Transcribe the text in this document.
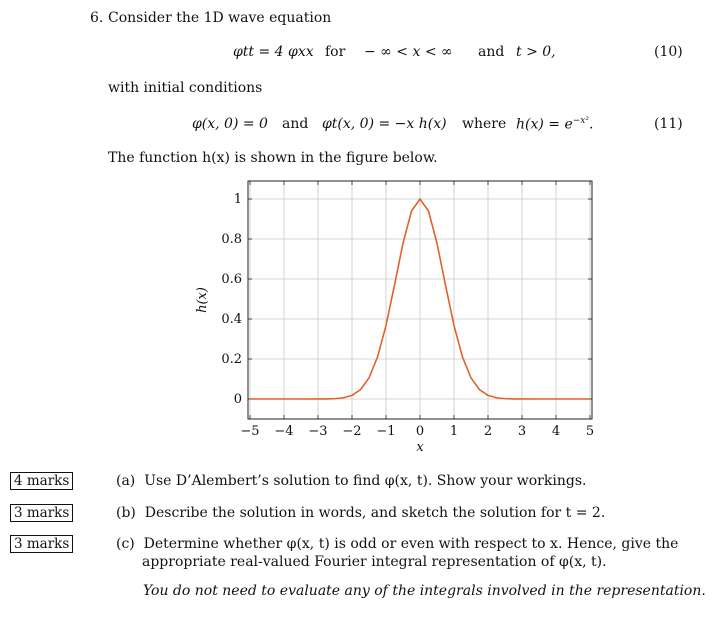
6. Consider the 1D wave equation
φtt = 4 φxx for − ∞ < x < ∞ and t > 0,	(10)
with initial conditions
φ(x, 0) = 0 and φt(x, 0) = −x h(x) where $h(x) = e^{-x^2}$.	(11)
The function h(x) is shown in the figure below.
−5 −4 −3 −2 −1 0 1 2 3 4 5
0
0.2
0.4
0.6
0.8
1
x
h(x)
4 marks	(a) Use D’Alembert’s solution to find φ(x, t). Show your workings.
3 marks	(b) Describe the solution in words, and sketch the solution for t = 2.
3 marks	(c) Determine whether φ(x, t) is odd or even with respect to x. Hence, give the
appropriate real-valued Fourier integral representation of φ(x, t).
You do not need to evaluate any of the integrals involved in the representation.
